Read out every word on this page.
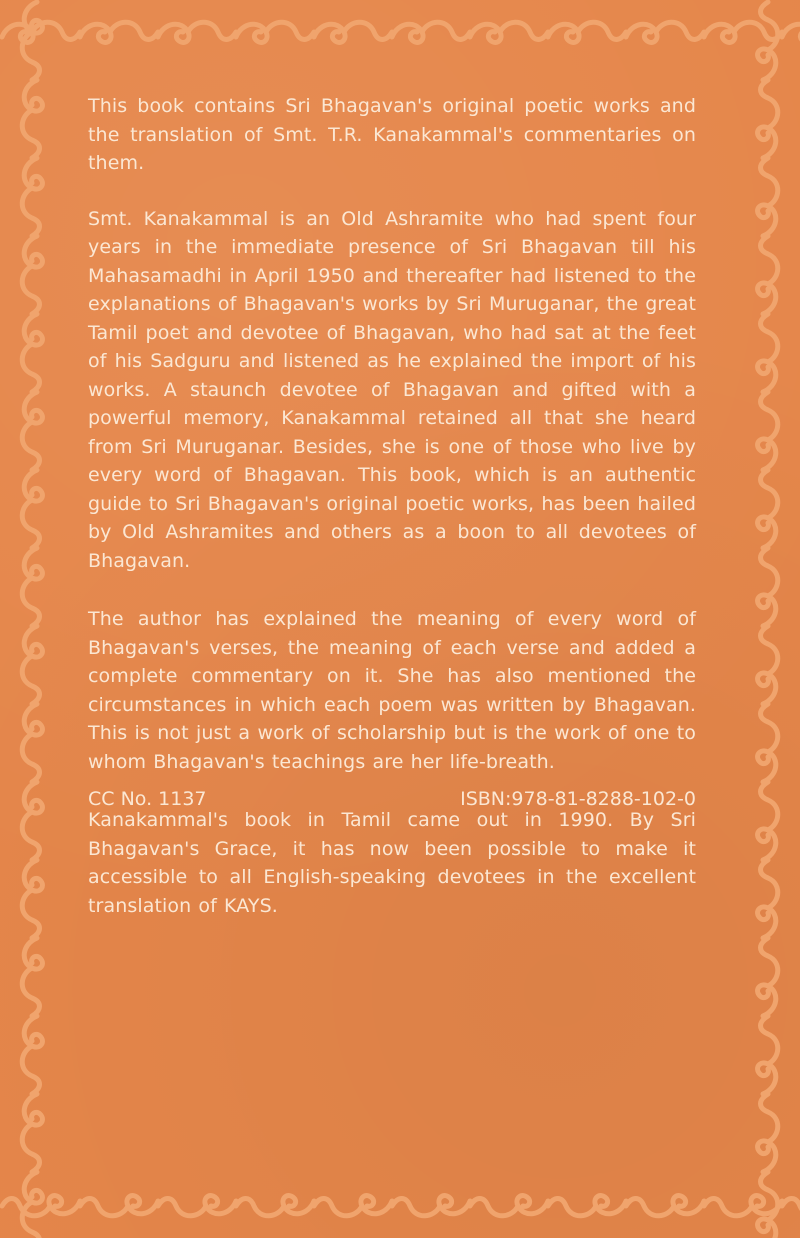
This book contains Sri Bhagavan's original poetic works and the translation of Smt. T.R. Kanakammal's commentaries on them.

Smt. Kanakammal is an Old Ashramite who had spent four years in the immediate presence of Sri Bhagavan till his Mahasamadhi in April 1950 and thereafter had listened to the explanations of Bhagavan's works by Sri Muruganar, the great Tamil poet and devotee of Bhagavan, who had sat at the feet of his Sadguru and listened as he explained the import of his works. A staunch devotee of Bhagavan and gifted with a powerful memory, Kanakammal retained all that she heard from Sri Muruganar. Besides, she is one of those who live by every word of Bhagavan. This book, which is an authentic guide to Sri Bhagavan's original poetic works, has been hailed by Old Ashramites and others as a boon to all devotees of Bhagavan.

The author has explained the meaning of every word of Bhagavan's verses, the meaning of each verse and added a complete commentary on it. She has also mentioned the circumstances in which each poem was written by Bhagavan. This is not just a work of scholarship but is the work of one to whom Bhagavan's teachings are her life-breath.

Kanakammal's book in Tamil came out in 1990. By Sri Bhagavan's Grace, it has now been possible to make it accessible to all English-speaking devotees in the excellent translation of KAYS.

CC No. 1137	ISBN:978-81-8288-102-0
